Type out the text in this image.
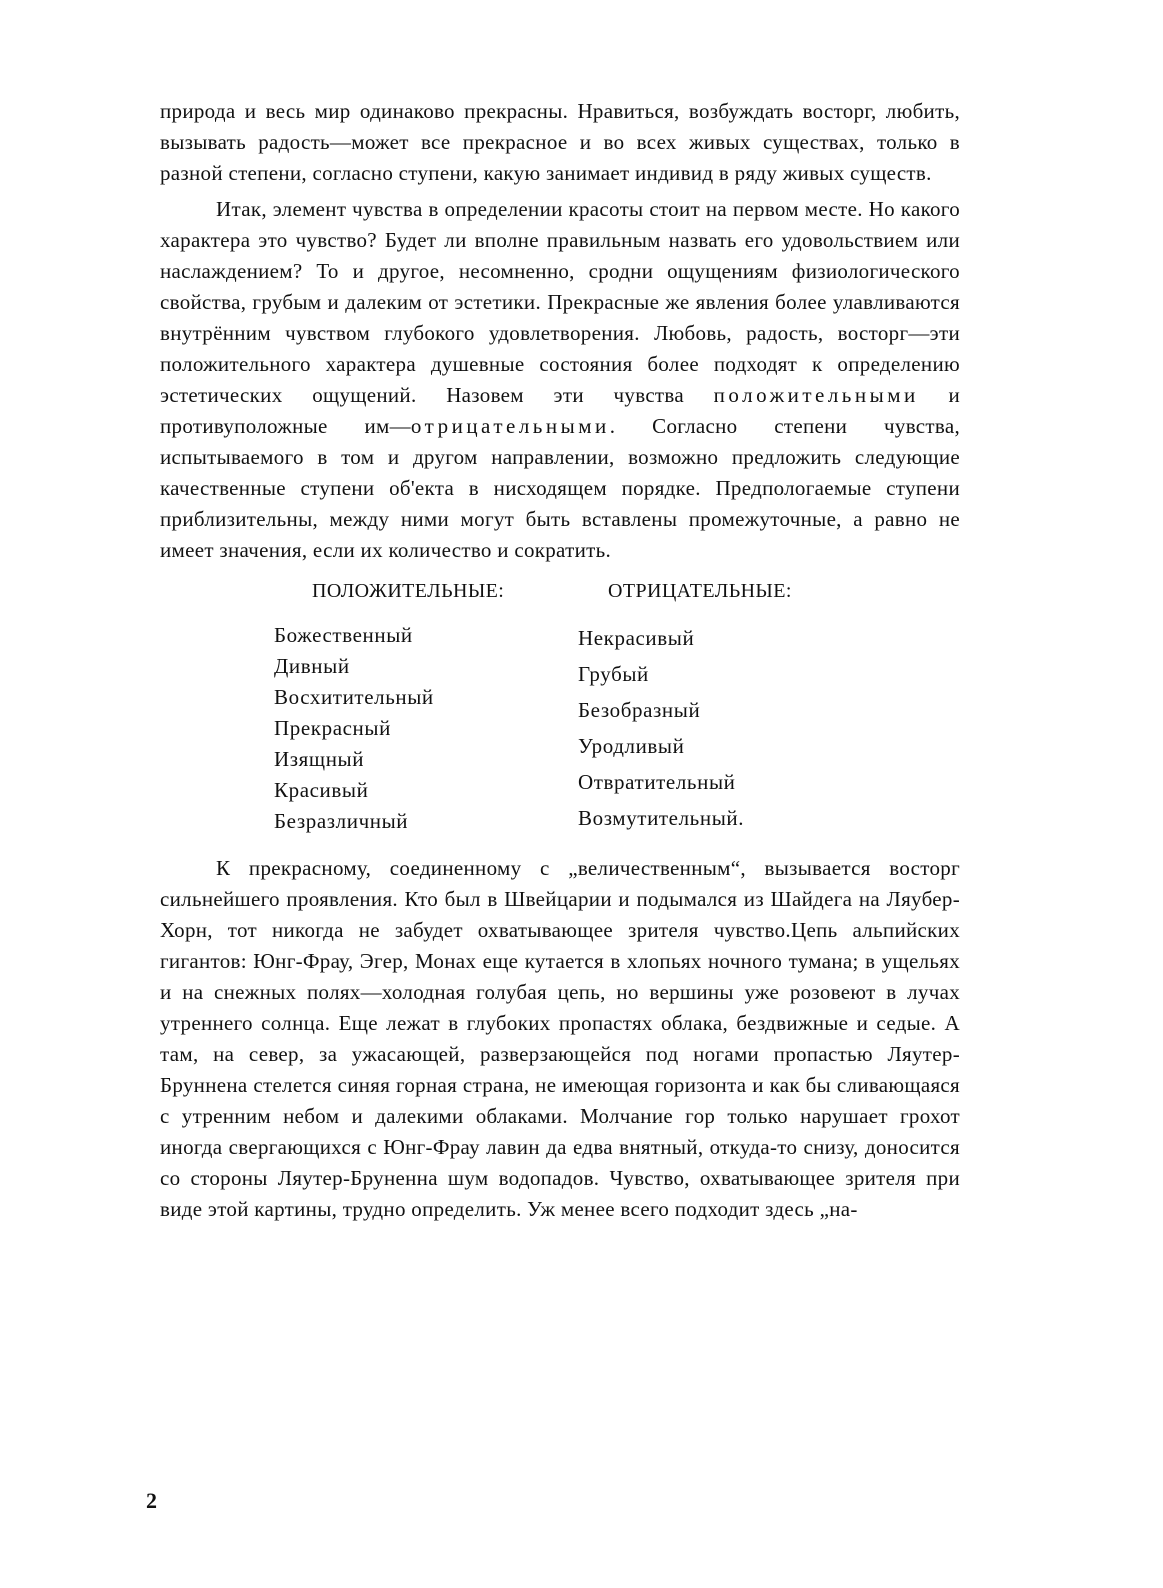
природа и весь мир одинаково прекрасны. Нравиться, возбуждать восторг, любить, вызывать радость—может все прекрасное и во всех живых существах, только в разной степени, согласно ступени, какую занимает индивид в ряду живых существ.

Итак, элемент чувства в определении красоты стоит на первом месте. Но какого характера это чувство? Будет ли вполне правильным назвать его удовольствием или наслаждением? То и другое, несомненно, сродни ощущениям физиологического свойства, грубым и далеким от эстетики. Прекрасные же явления более улавливаются внутрённим чувством глубокого удовлетворения. Любовь, радость, восторг—эти положительного характера душевные состояния более подходят к определению эстетических ощущений. Назовем эти чувства положительными и противуположные им—отрицательными. Согласно степени чувства, испытываемого в том и другом направлении, возможно предложить следующие качественные ступени об'екта в нисходящем порядке. Предпологаемые ступени приблизительны, между ними могут быть вставлены промежуточные, а равно не имеет значения, если их количество и сократить.

ПОЛОЖИТЕЛЬНЫЕ:
Божественный
Дивный
Восхитительный
Прекрасный
Изящный
Красивый
Безразличный
ОТРИЦАТЕЛЬНЫЕ:
Некрасивый
Грубый
Безобразный
Уродливый
Отвратительный
Возмутительный.

К прекрасному, соединенному с „величественным“, вызывается восторг сильнейшего проявления. Кто был в Швейцарии и подымался из Шайдега на Ляубер-Хорн, тот никогда не забудет охватывающее зрителя чувство.Цепь альпийских гигантов: Юнг-Фрау, Эгер, Монах еще кутается в хлопьях ночного тумана; в ущельях и на снежных полях—холодная голубая цепь, но вершины уже розовеют в лучах утреннего солнца. Еще лежат в глубоких пропастях облака, бездвижные и седые. А там, на север, за ужасающей, разверзающейся под ногами пропастью Ляутер-Бруннена стелется синяя горная страна, не имеющая горизонта и как бы сливающаяся с утренним небом и далекими облаками. Молчание гор только нарушает грохот иногда свергающихся с Юнг-Фрау лавин да едва внятный, откуда-то снизу, доносится со стороны Ляутер-Бруненна шум водопадов. Чувство, охватывающее зрителя при виде этой картины, трудно определить. Уж менее всего подходит здесь „на-

2
